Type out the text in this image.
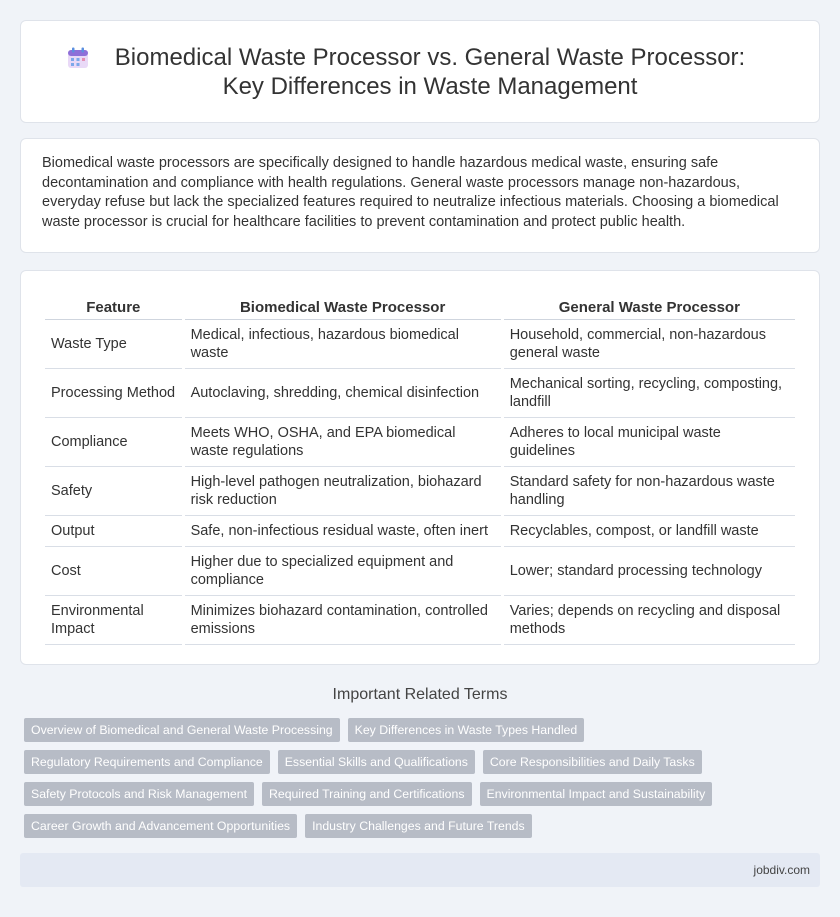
Biomedical Waste Processor vs. General Waste Processor: Key Differences in Waste Management

Biomedical waste processors are specifically designed to handle hazardous medical waste, ensuring safe decontamination and compliance with health regulations. General waste processors manage non-hazardous, everyday refuse but lack the specialized features required to neutralize infectious materials. Choosing a biomedical waste processor is crucial for healthcare facilities to prevent contamination and protect public health.

Feature	Biomedical Waste Processor	General Waste Processor
Waste Type	Medical, infectious, hazardous biomedical waste	Household, commercial, non-hazardous general waste
Processing Method	Autoclaving, shredding, chemical disinfection	Mechanical sorting, recycling, composting, landfill
Compliance	Meets WHO, OSHA, and EPA biomedical waste regulations	Adheres to local municipal waste guidelines
Safety	High-level pathogen neutralization, biohazard risk reduction	Standard safety for non-hazardous waste handling
Output	Safe, non-infectious residual waste, often inert	Recyclables, compost, or landfill waste
Cost	Higher due to specialized equipment and compliance	Lower; standard processing technology
Environmental Impact	Minimizes biohazard contamination, controlled emissions	Varies; depends on recycling and disposal methods
Important Related Terms
Overview of Biomedical and General Waste Processing	Key Differences in Waste Types Handled
Regulatory Requirements and Compliance	Essential Skills and Qualifications	Core Responsibilities and Daily Tasks
Safety Protocols and Risk Management	Required Training and Certifications	Environmental Impact and Sustainability
Career Growth and Advancement Opportunities	Industry Challenges and Future Trends
jobdiv.com
